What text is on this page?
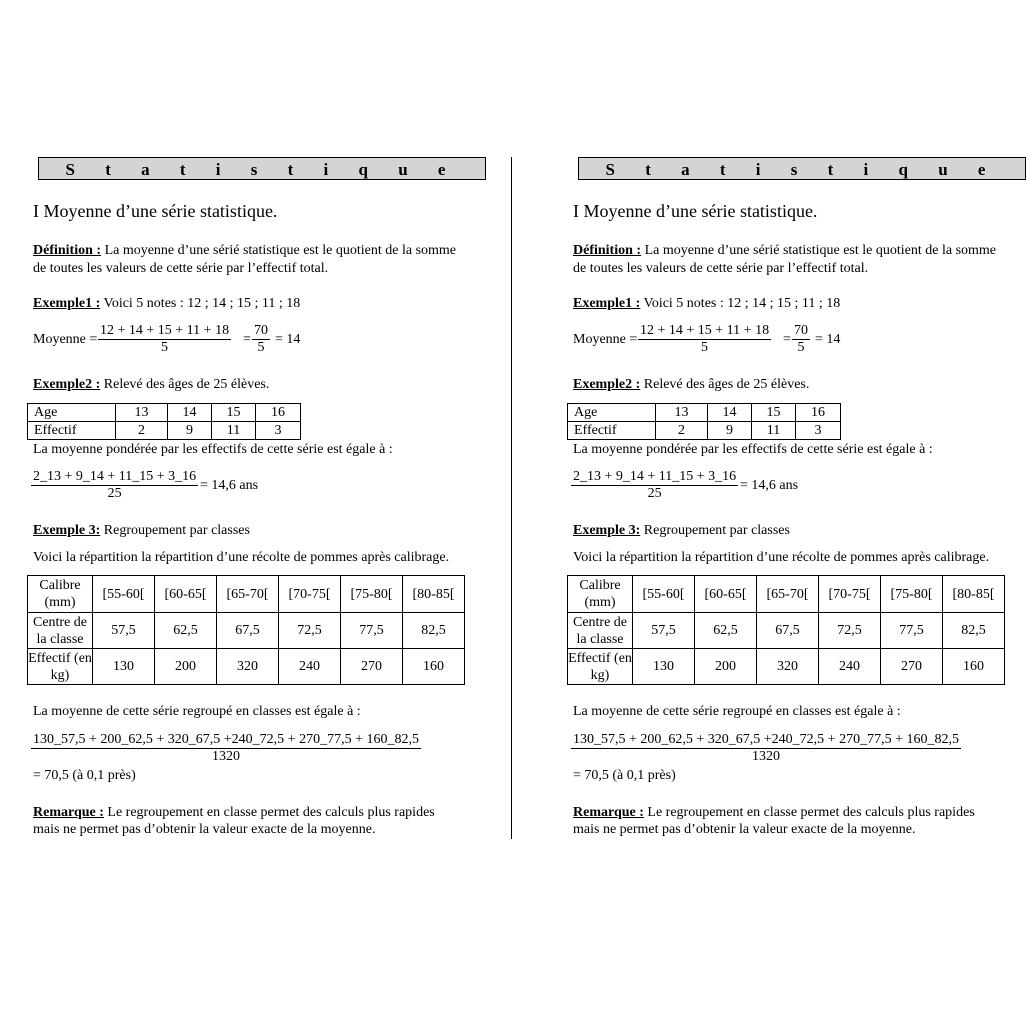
S t a t i s t i q u e
I Moyenne d’une série statistique.
Définition : La moyenne d’une sérié statistique est le quotient de la somme
de toutes les valeurs de cette série par l’effectif total.
Exemple1 : Voici 5 notes : 12 ; 14 ; 15 ; 11 ; 18
Moyenne = $\frac{12 + 14 + 15 + 11 + 18}{5} = \frac{70}{5} = 14$
Exemple2 : Relevé des âges de 25 élèves.
Age	13	14	15	16
Effectif	2	9	11	3
La moyenne pondérée par les effectifs de cette série est égale à :
$\frac{2\_13 + 9\_14 + 11\_15 + 3\_16}{25} = 14,6$ ans
Exemple 3: Regroupement par classes
Voici la répartition la répartition d’une récolte de pommes après calibrage.
Calibre (mm)	[55-60[	[60-65[	[65-70[	[70-75[	[75-80[	[80-85[
Centre de la classe	57,5	62,5	67,5	72,5	77,5	82,5
Effectif (en kg)	130	200	320	240	270	160
La moyenne de cette série regroupé en classes est égale à :
130_57,5 + 200_62,5 + 320_67,5 +240_72,5 + 270_77,5 + 160_82,5
1320
= 70,5 (à 0,1 près)
Remarque : Le regroupement en classe permet des calculs plus rapides
mais ne permet pas d’obtenir la valeur exacte de la moyenne.
S t a t i s t i q u e
I Moyenne d’une série statistique.
Définition : La moyenne d’une sérié statistique est le quotient de la somme
de toutes les valeurs de cette série par l’effectif total.
Exemple1 : Voici 5 notes : 12 ; 14 ; 15 ; 11 ; 18
Moyenne = $\frac{12 + 14 + 15 + 11 + 18}{5} = \frac{70}{5} = 14$
Exemple2 : Relevé des âges de 25 élèves.
Age	13	14	15	16
Effectif	2	9	11	3
La moyenne pondérée par les effectifs de cette série est égale à :
$\frac{2\_13 + 9\_14 + 11\_15 + 3\_16}{25} = 14,6$ ans
Exemple 3: Regroupement par classes
Voici la répartition la répartition d’une récolte de pommes après calibrage.
Calibre (mm)	[55-60[	[60-65[	[65-70[	[70-75[	[75-80[	[80-85[
Centre de la classe	57,5	62,5	67,5	72,5	77,5	82,5
Effectif (en kg)	130	200	320	240	270	160
La moyenne de cette série regroupé en classes est égale à :
130_57,5 + 200_62,5 + 320_67,5 +240_72,5 + 270_77,5 + 160_82,5
1320
= 70,5 (à 0,1 près)
Remarque : Le regroupement en classe permet des calculs plus rapides
mais ne permet pas d’obtenir la valeur exacte de la moyenne.
